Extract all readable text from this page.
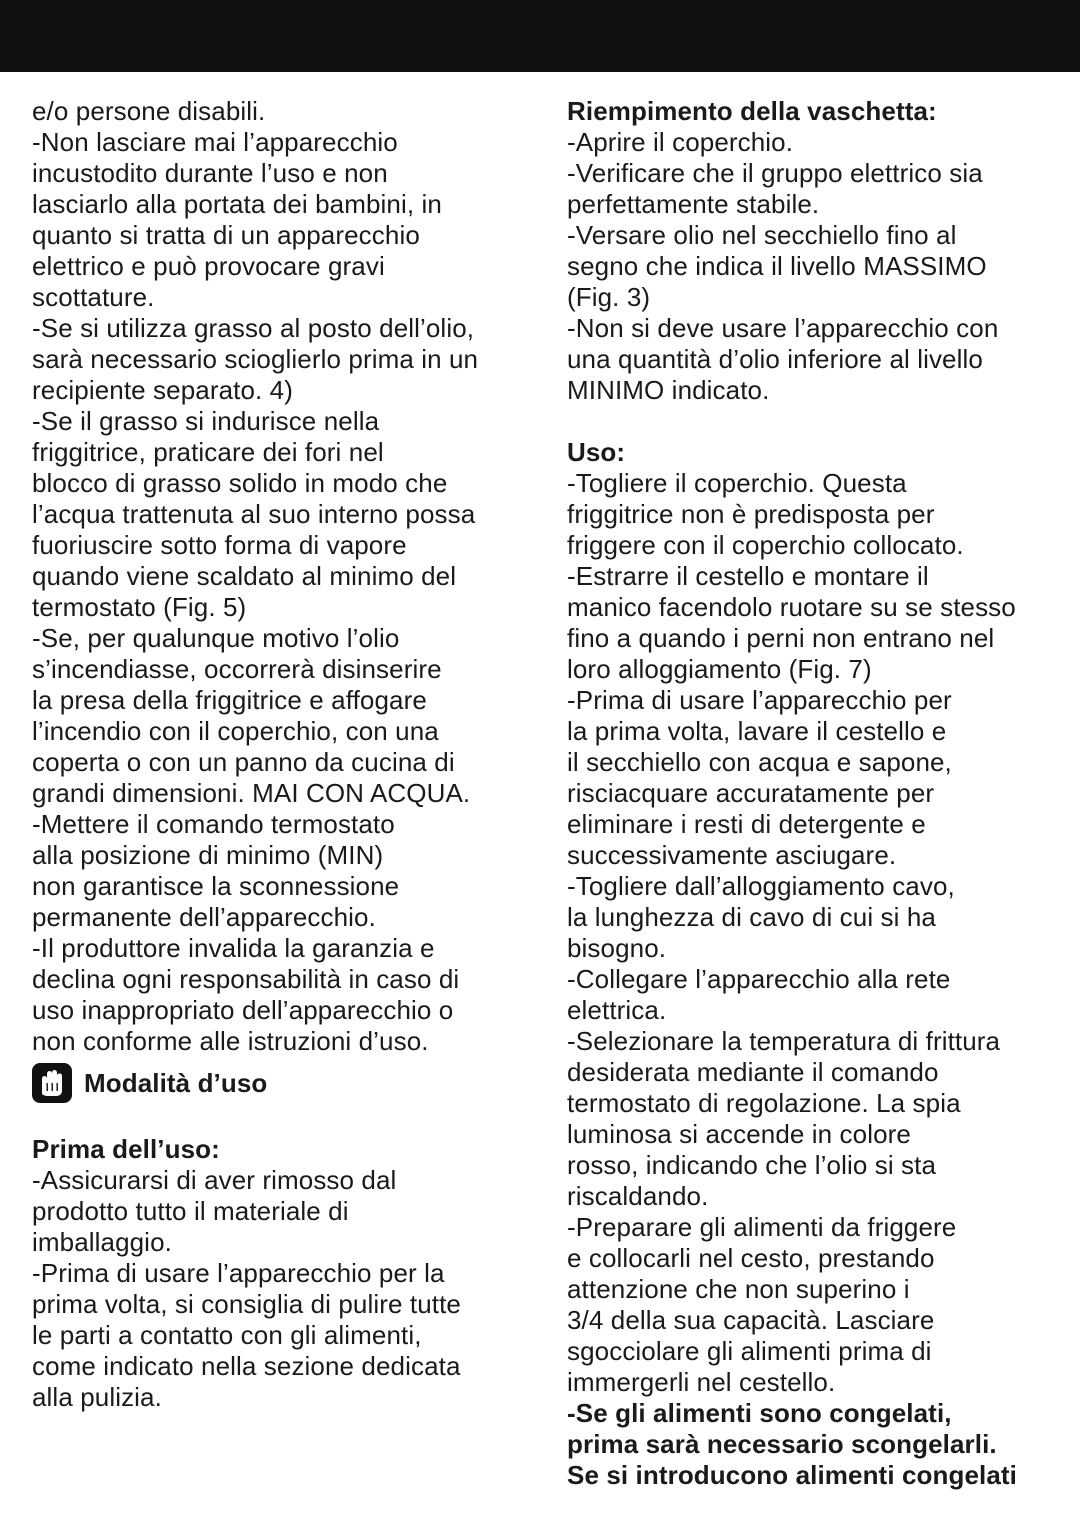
e/o persone disabili.
-Non lasciare mai l’apparecchio
incustodito durante l’uso e non
lasciarlo alla portata dei bambini, in
quanto si tratta di un apparecchio
elettrico e può provocare gravi
scottature.
-Se si utilizza grasso al posto dell’olio,
sarà necessario scioglierlo prima in un
recipiente separato. 4)
-Se il grasso si indurisce nella
friggitrice, praticare dei fori nel
blocco di grasso solido in modo che
l’acqua trattenuta al suo interno possa
fuoriuscire sotto forma di vapore
quando viene scaldato al minimo del
termostato (Fig. 5)
-Se, per qualunque motivo l’olio
s’incendiasse, occorrerà disinserire
la presa della friggitrice e affogare
l’incendio con il coperchio, con una
coperta o con un panno da cucina di
grandi dimensioni. MAI CON ACQUA.
-Mettere il comando termostato
alla posizione di minimo (MIN)
non garantisce la sconnessione
permanente dell’apparecchio.
-Il produttore invalida la garanzia e
declina ogni responsabilità in caso di
uso inappropriato dell’apparecchio o
non conforme alle istruzioni d’uso.
Modalità d’uso
Prima dell’uso:
-Assicurarsi di aver rimosso dal
prodotto tutto il materiale di
imballaggio.
-Prima di usare l’apparecchio per la
prima volta, si consiglia di pulire tutte
le parti a contatto con gli alimenti,
come indicato nella sezione dedicata
alla pulizia.
Riempimento della vaschetta:
-Aprire il coperchio.
-Verificare che il gruppo elettrico sia
perfettamente stabile.
-Versare olio nel secchiello fino al
segno che indica il livello MASSIMO
(Fig. 3)
-Non si deve usare l’apparecchio con
una quantità d’olio inferiore al livello
MINIMO indicato.
Uso:
-Togliere il coperchio. Questa
friggitrice non è predisposta per
friggere con il coperchio collocato.
-Estrarre il cestello e montare il
manico facendolo ruotare su se stesso
fino a quando i perni non entrano nel
loro alloggiamento (Fig. 7)
-Prima di usare l’apparecchio per
la prima volta, lavare il cestello e
il secchiello con acqua e sapone,
risciacquare accuratamente per
eliminare i resti di detergente e
successivamente asciugare.
-Togliere dall’alloggiamento cavo,
la lunghezza di cavo di cui si ha
bisogno.
-Collegare l’apparecchio alla rete
elettrica.
-Selezionare la temperatura di frittura
desiderata mediante il comando
termostato di regolazione. La spia
luminosa si accende in colore
rosso, indicando che l’olio si sta
riscaldando.
-Preparare gli alimenti da friggere
e collocarli nel cesto, prestando
attenzione che non superino i
3/4 della sua capacità. Lasciare
sgocciolare gli alimenti prima di
immergerli nel cestello.
-Se gli alimenti sono congelati,
prima sarà necessario scongelarli.
Se si introducono alimenti congelati
